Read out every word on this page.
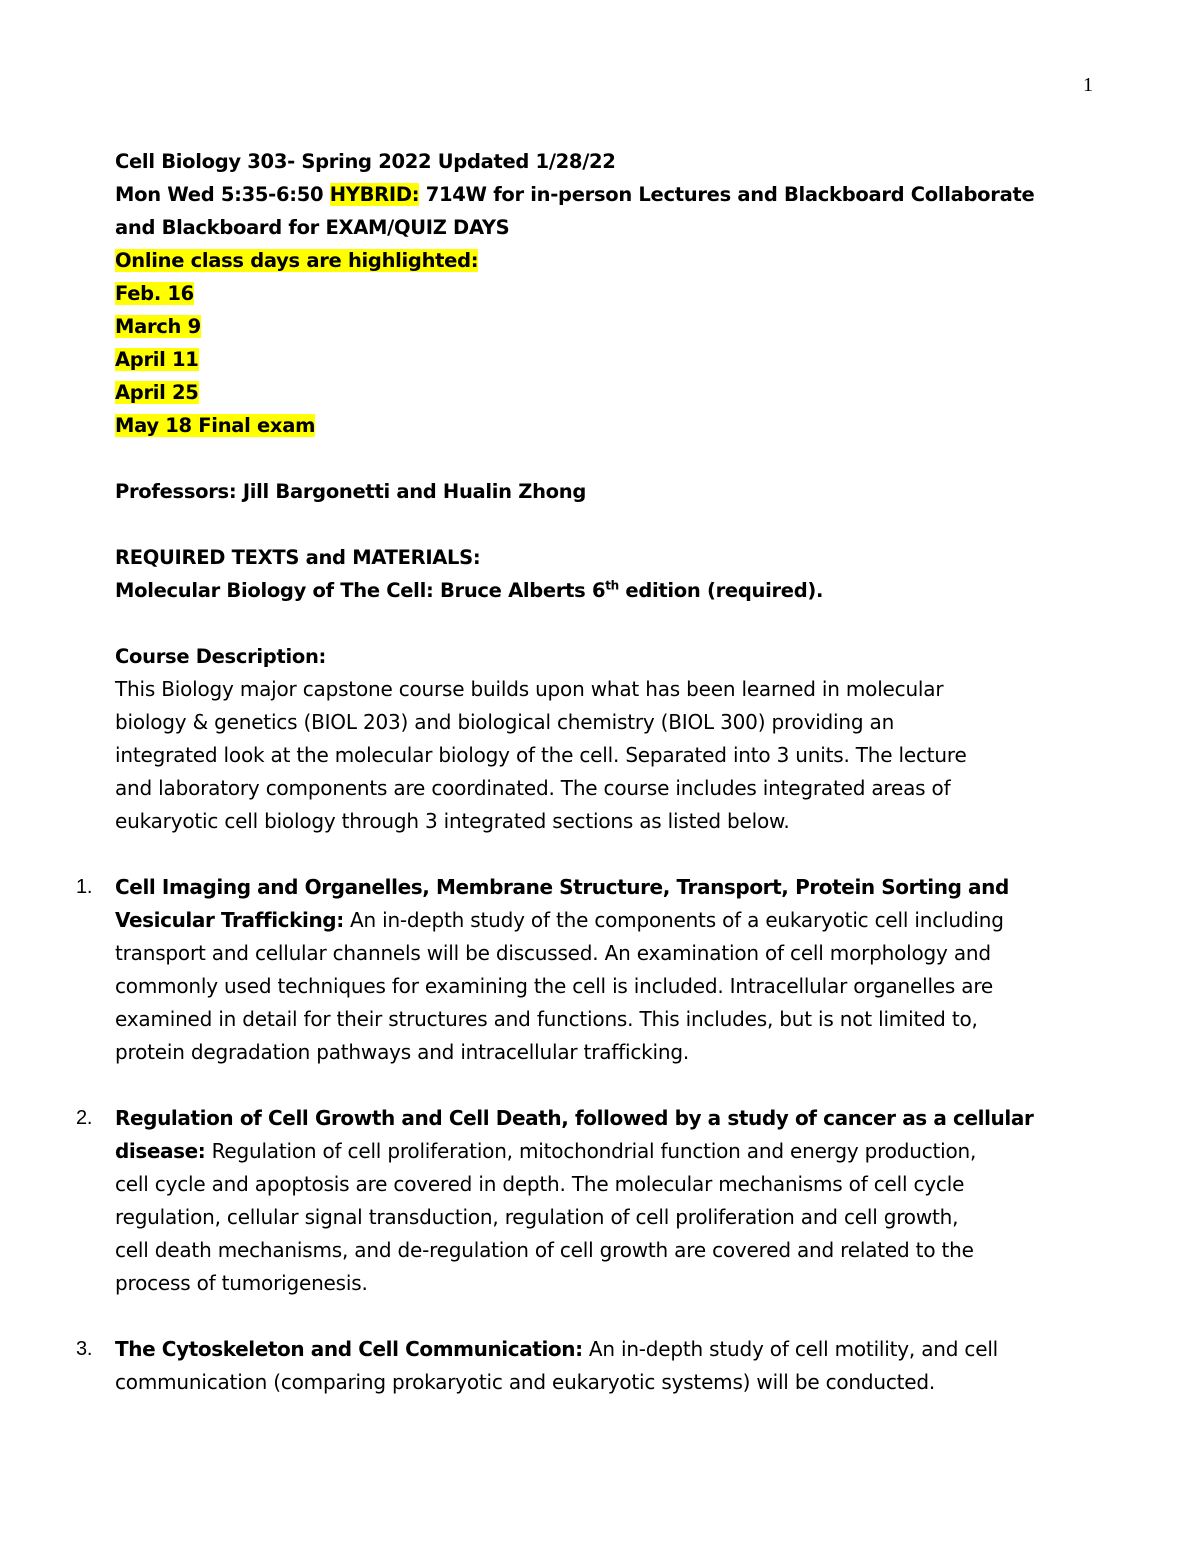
1
Cell Biology 303- Spring 2022 Updated 1/28/22
Mon Wed 5:35-6:50 HYBRID: 714W for in-person Lectures and Blackboard Collaborate
and Blackboard for EXAM/QUIZ DAYS
Online class days are highlighted:
Feb. 16
March 9
April 11
April 25
May 18 Final exam
Professors: Jill Bargonetti and Hualin Zhong
REQUIRED TEXTS and MATERIALS:
Molecular Biology of The Cell: Bruce Alberts 6th edition (required).
Course Description:

This Biology major capstone course builds upon what has been learned in molecular
biology & genetics (BIOL 203) and biological chemistry (BIOL 300) providing an
integrated look at the molecular biology of the cell. Separated into 3 units. The lecture
and laboratory components are coordinated. The course includes integrated areas of
eukaryotic cell biology through 3 integrated sections as listed below.

1. Cell Imaging and Organelles, Membrane Structure, Transport, Protein Sorting and
Vesicular Trafficking: An in-depth study of the components of a eukaryotic cell including
transport and cellular channels will be discussed. An examination of cell morphology and
commonly used techniques for examining the cell is included. Intracellular organelles are
examined in detail for their structures and functions. This includes, but is not limited to,
protein degradation pathways and intracellular trafficking.
2. Regulation of Cell Growth and Cell Death, followed by a study of cancer as a cellular
disease: Regulation of cell proliferation, mitochondrial function and energy production,
cell cycle and apoptosis are covered in depth. The molecular mechanisms of cell cycle
regulation, cellular signal transduction, regulation of cell proliferation and cell growth,
cell death mechanisms, and de-regulation of cell growth are covered and related to the
process of tumorigenesis.
3. The Cytoskeleton and Cell Communication: An in-depth study of cell motility, and cell
communication (comparing prokaryotic and eukaryotic systems) will be conducted.
